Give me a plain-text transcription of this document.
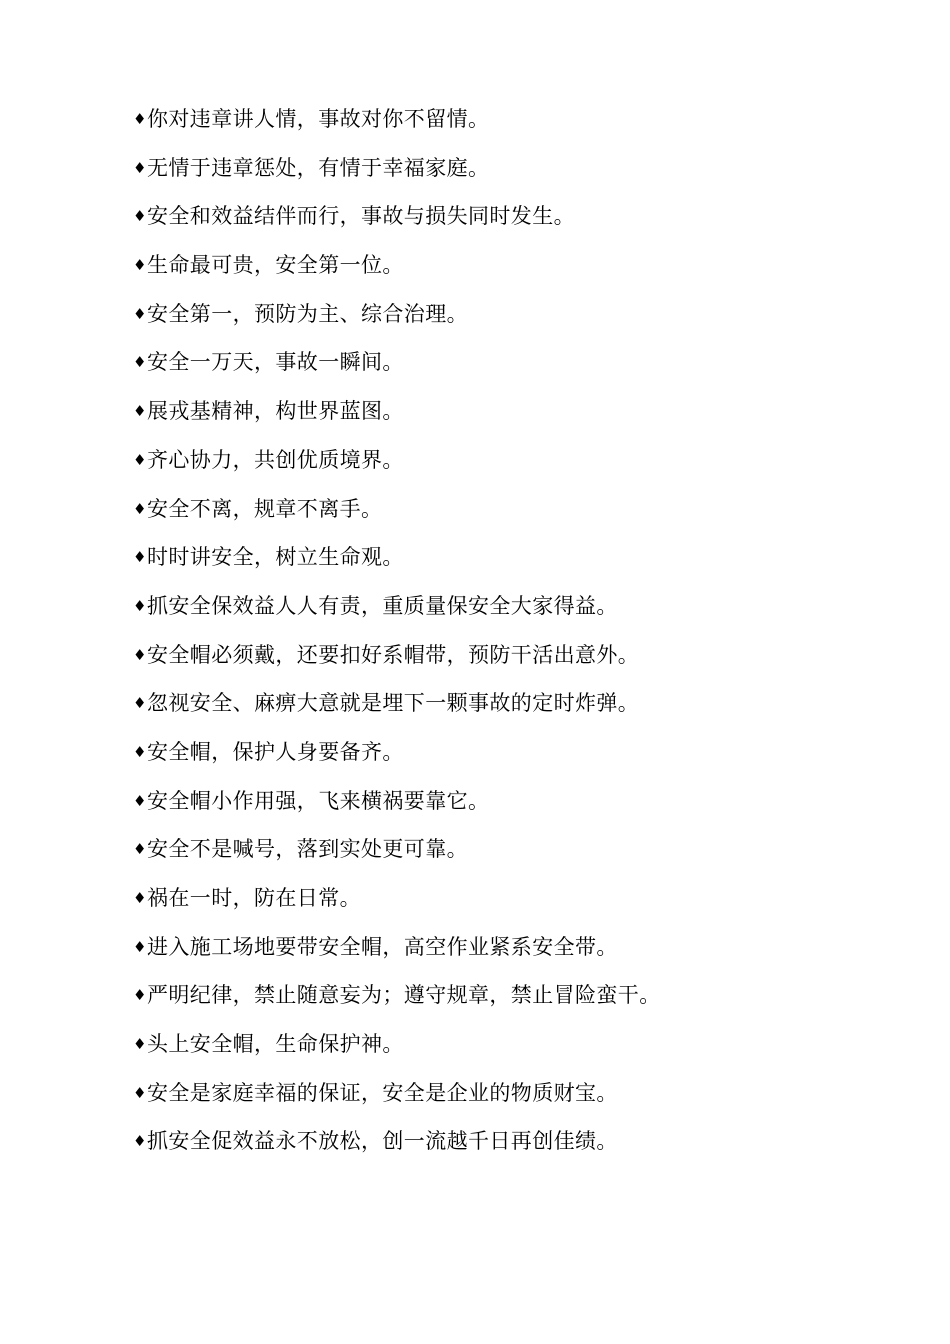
♦ 你对违章讲人情，事故对你不留情。
♦ 无情于违章惩处，有情于幸福家庭。
♦ 安全和效益结伴而行，事故与损失同时发生。
♦ 生命最可贵，安全第一位。
♦ 安全第一，预防为主、综合治理。
♦ 安全一万天，事故一瞬间。
♦ 展戎基精神，构世界蓝图。
♦ 齐心协力，共创优质境界。
♦ 安全不离，规章不离手。
♦ 时时讲安全，树立生命观。
♦ 抓安全保效益人人有责，重质量保安全大家得益。
♦ 安全帽必须戴，还要扣好系帽带，预防干活出意外。
♦ 忽视安全、麻痹大意就是埋下一颗事故的定时炸弹。
♦ 安全帽，保护人身要备齐。
♦ 安全帽小作用强，飞来横祸要靠它。
♦ 安全不是喊号，落到实处更可靠。
♦ 祸在一时，防在日常。
♦ 进入施工场地要带安全帽，高空作业紧系安全带。
♦ 严明纪律，禁止随意妄为；遵守规章，禁止冒险蛮干。
♦ 头上安全帽，生命保护神。
♦ 安全是家庭幸福的保证，安全是企业的物质财宝。
♦ 抓安全促效益永不放松，创一流越千日再创佳绩。
